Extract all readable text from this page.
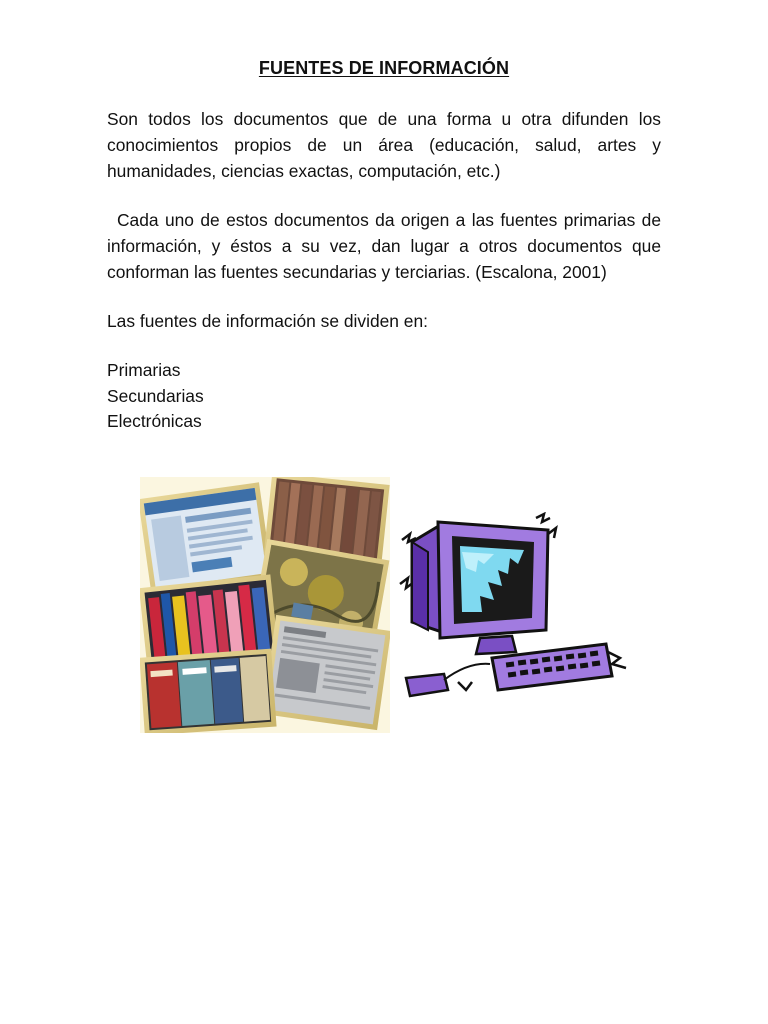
FUENTES DE INFORMACIÓN

Son todos los documentos que de una forma u otra difunden los conocimientos propios de un área (educación, salud, artes y humanidades, ciencias exactas, computación, etc.)

Cada uno de estos documentos da origen a las fuentes primarias de información, y éstos a su vez, dan lugar a otros documentos que conforman las fuentes secundarias y terciarias. (Escalona, 2001)

Las fuentes de información se dividen en:

Primarias
Secundarias
Electrónicas
